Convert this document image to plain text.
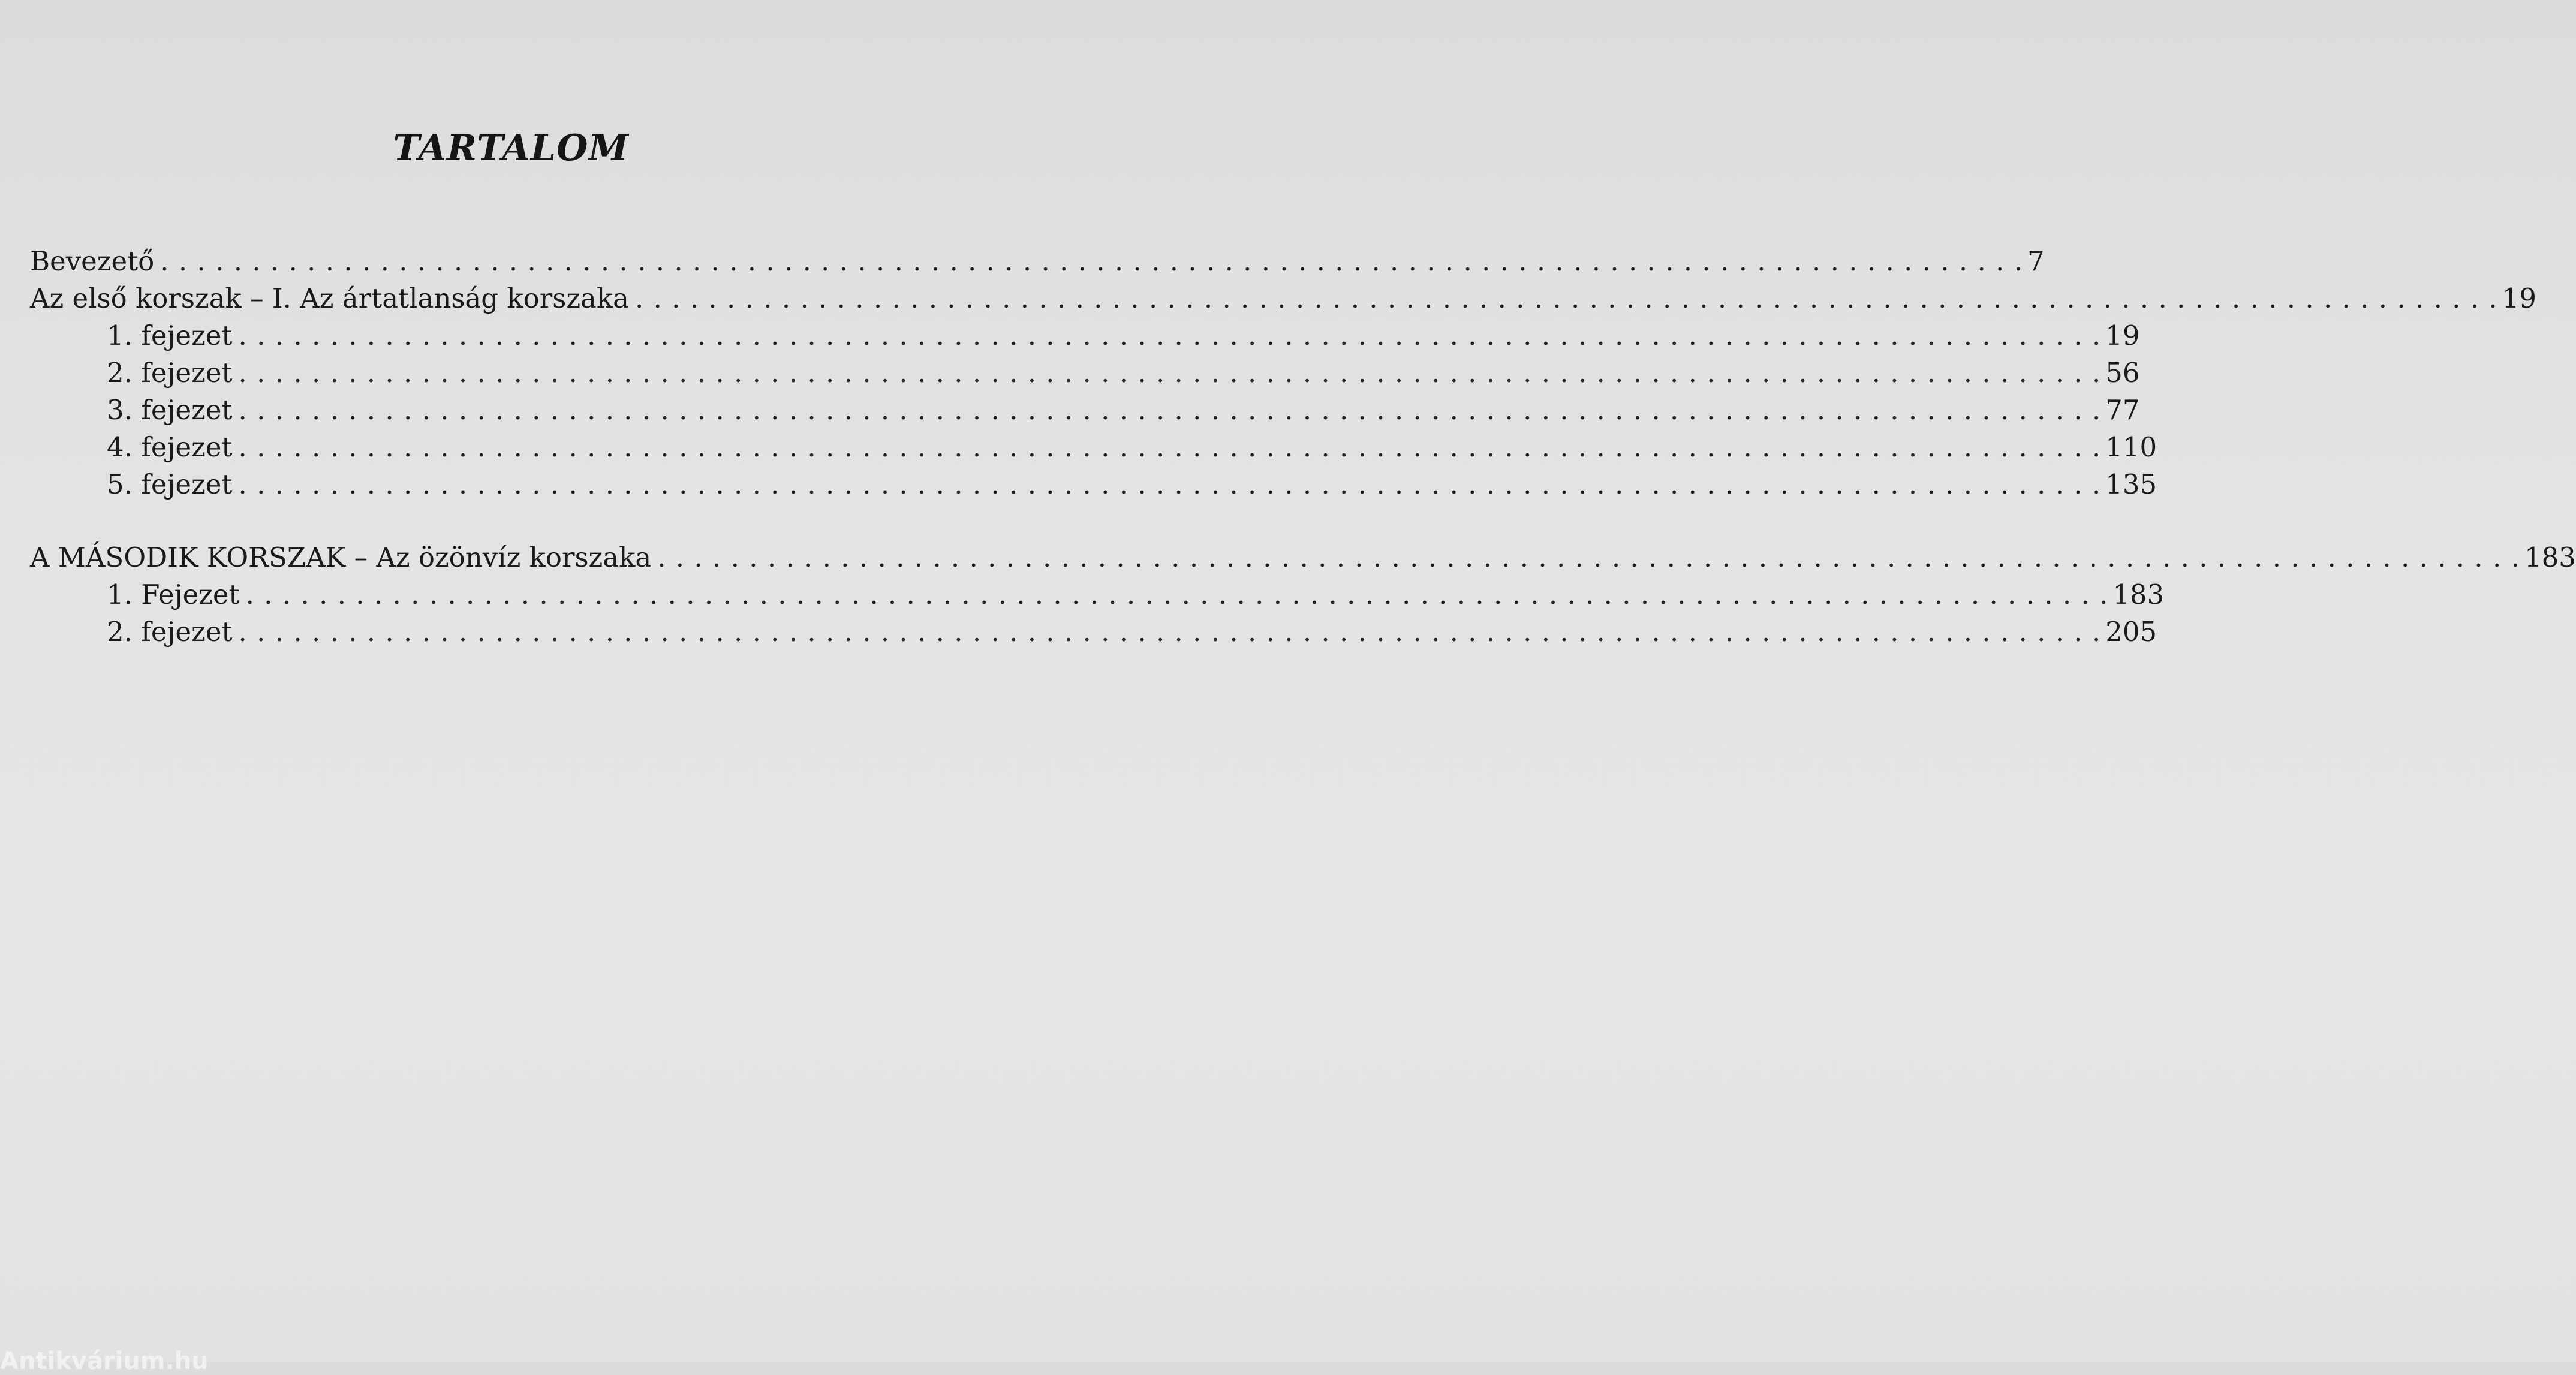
TARTALOM
Bevezető . . .	7
Az első korszak – I. Az ártatlanság korszaka . . .	19
1. fejezet . . .	19
2. fejezet . . .	56
3. fejezet . . .	77
4. fejezet . . .	110
5. fejezet . . .	135
A MÁSODIK KORSZAK – Az özönvíz korszaka . . .	183
1. Fejezet . . .	183
2. fejezet . . .	205
Antikvárium.hu
